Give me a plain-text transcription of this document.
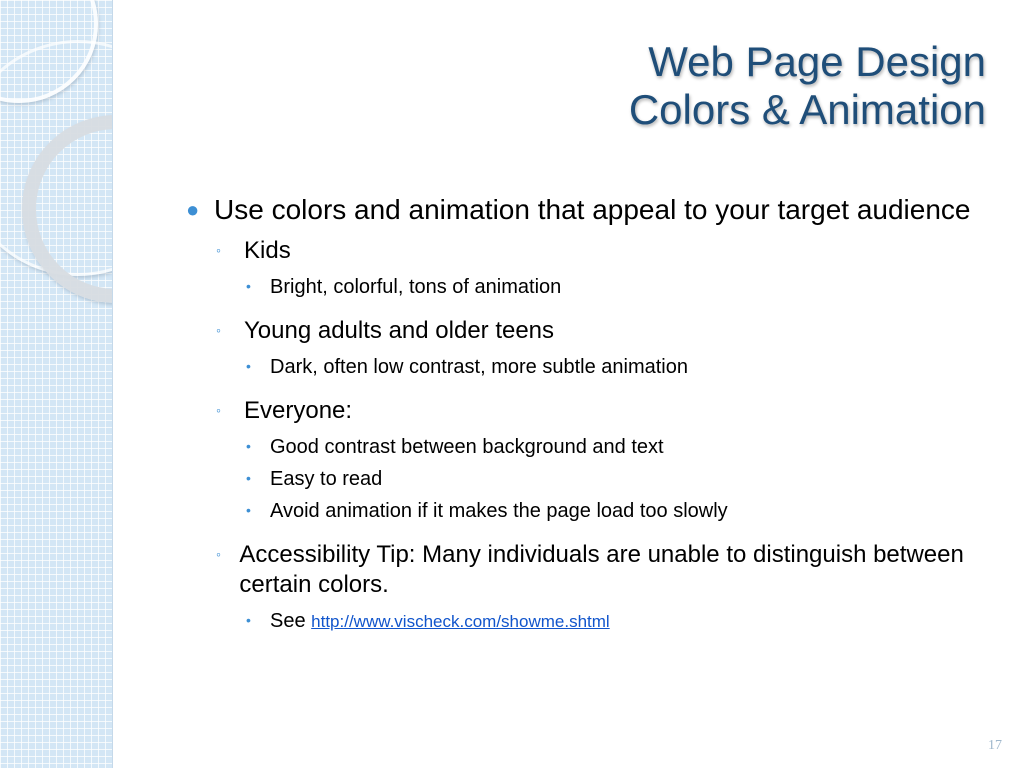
Web Page Design
Colors & Animation
● Use colors and animation that appeal to your target audience
◦ Kids
• Bright, colorful, tons of animation
◦ Young adults and older teens
• Dark, often low contrast, more subtle animation
◦ Everyone:
• Good contrast between background and text
• Easy to read
• Avoid animation if it makes the page load too slowly
◦ Accessibility Tip: Many individuals are unable to distinguish between certain colors.
• See http://www.vischeck.com/showme.shtml
17
